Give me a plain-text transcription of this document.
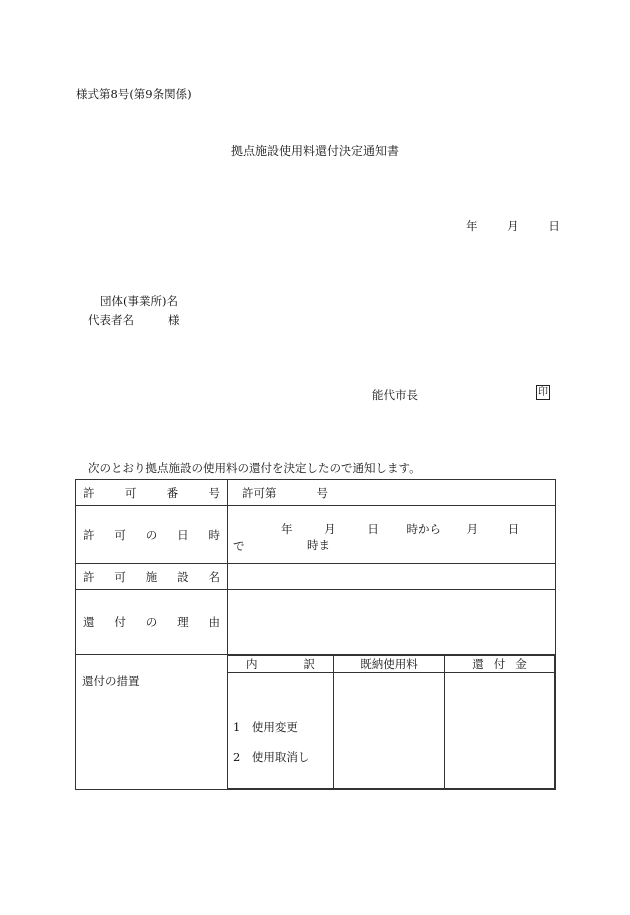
様式第8号(第9条関係)
拠点施設使用料還付決定通知書
年	月	日
団体(事業所)名
代表者名	様
能代市長	印
次のとおり拠点施設の使用料の還付を決定したので通知します。
許	可	番	号	許可第	号

許 可 の 日 時	年	月	日 時から 月	日 時ま
で

許 可 施 設 名

還 付 の 理 由

還付の措置	
内	訳	既納使用料	還 付 金

1　使用変更
2　使用取消し
